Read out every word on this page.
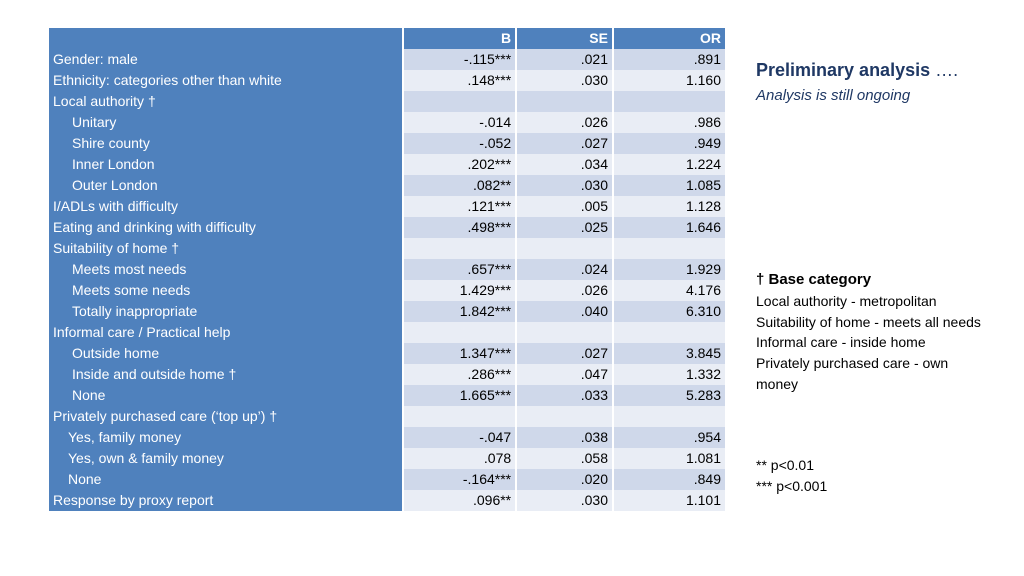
	B	SE	OR
Gender: male	-.115***	.021	.891
Ethnicity: categories other than white	.148***	.030	1.160
Local authority †			
Unitary	-.014	.026	.986
Shire county	-.052	.027	.949
Inner London	.202***	.034	1.224
Outer London	.082**	.030	1.085
I/ADLs with difficulty	.121***	.005	1.128
Eating and drinking with difficulty	.498***	.025	1.646
Suitability of home †			
Meets most needs	.657***	.024	1.929
Meets some needs	1.429***	.026	4.176
Totally inappropriate	1.842***	.040	6.310
Informal care / Practical help			
Outside home	1.347***	.027	3.845
Inside and outside home †	.286***	.047	1.332
None	1.665***	.033	5.283
Privately purchased care (‘top up’) †			
Yes, family money	-.047	.038	.954
Yes, own & family money	.078	.058	1.081
None	-.164***	.020	.849
Response by proxy report	.096**	.030	1.101
Preliminary analysis ….
Analysis is still ongoing
† Base category
Local authority - metropolitan
Suitability of home - meets all needs
Informal care - inside home
Privately purchased care - own money
** p<0.01
*** p<0.001
